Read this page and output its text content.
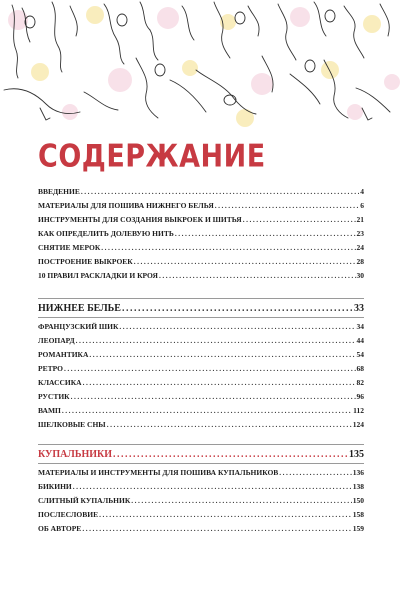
СОДЕРЖАНИЕ
ВВЕДЕНИЕ .....	4
МАТЕРИАЛЫ ДЛЯ ПОШИВА НИЖНЕГО БЕЛЬЯ .....	6
ИНСТРУМЕНТЫ ДЛЯ СОЗДАНИЯ ВЫКРОЕК И ШИТЬЯ .....	21
КАК ОПРЕДЕЛИТЬ ДОЛЕВУЮ НИТЬ .....	23
СНЯТИЕ МЕРОК .....	24
ПОСТРОЕНИЕ ВЫКРОЕК .....	28
10 ПРАВИЛ РАСКЛАДКИ И КРОЯ .....	30
НИЖНЕЕ БЕЛЬЕ .....	33
ФРАНЦУЗСКИЙ ШИК .....	34
ЛЕОПАРД .....	44
РОМАНТИКА .....	54
РЕТРО .....	68
КЛАССИКА .....	82
РУСТИК .....	96
ВАМП .....	112
ШЕЛКОВЫЕ СНЫ .....	124
КУПАЛЬНИКИ .....	135
МАТЕРИАЛЫ И ИНСТРУМЕНТЫ ДЛЯ ПОШИВА КУПАЛЬНИКОВ .....	136
БИКИНИ .....	138
СЛИТНЫЙ КУПАЛЬНИК .....	150
ПОСЛЕСЛОВИЕ .....	158
ОБ АВТОРЕ .....	159
